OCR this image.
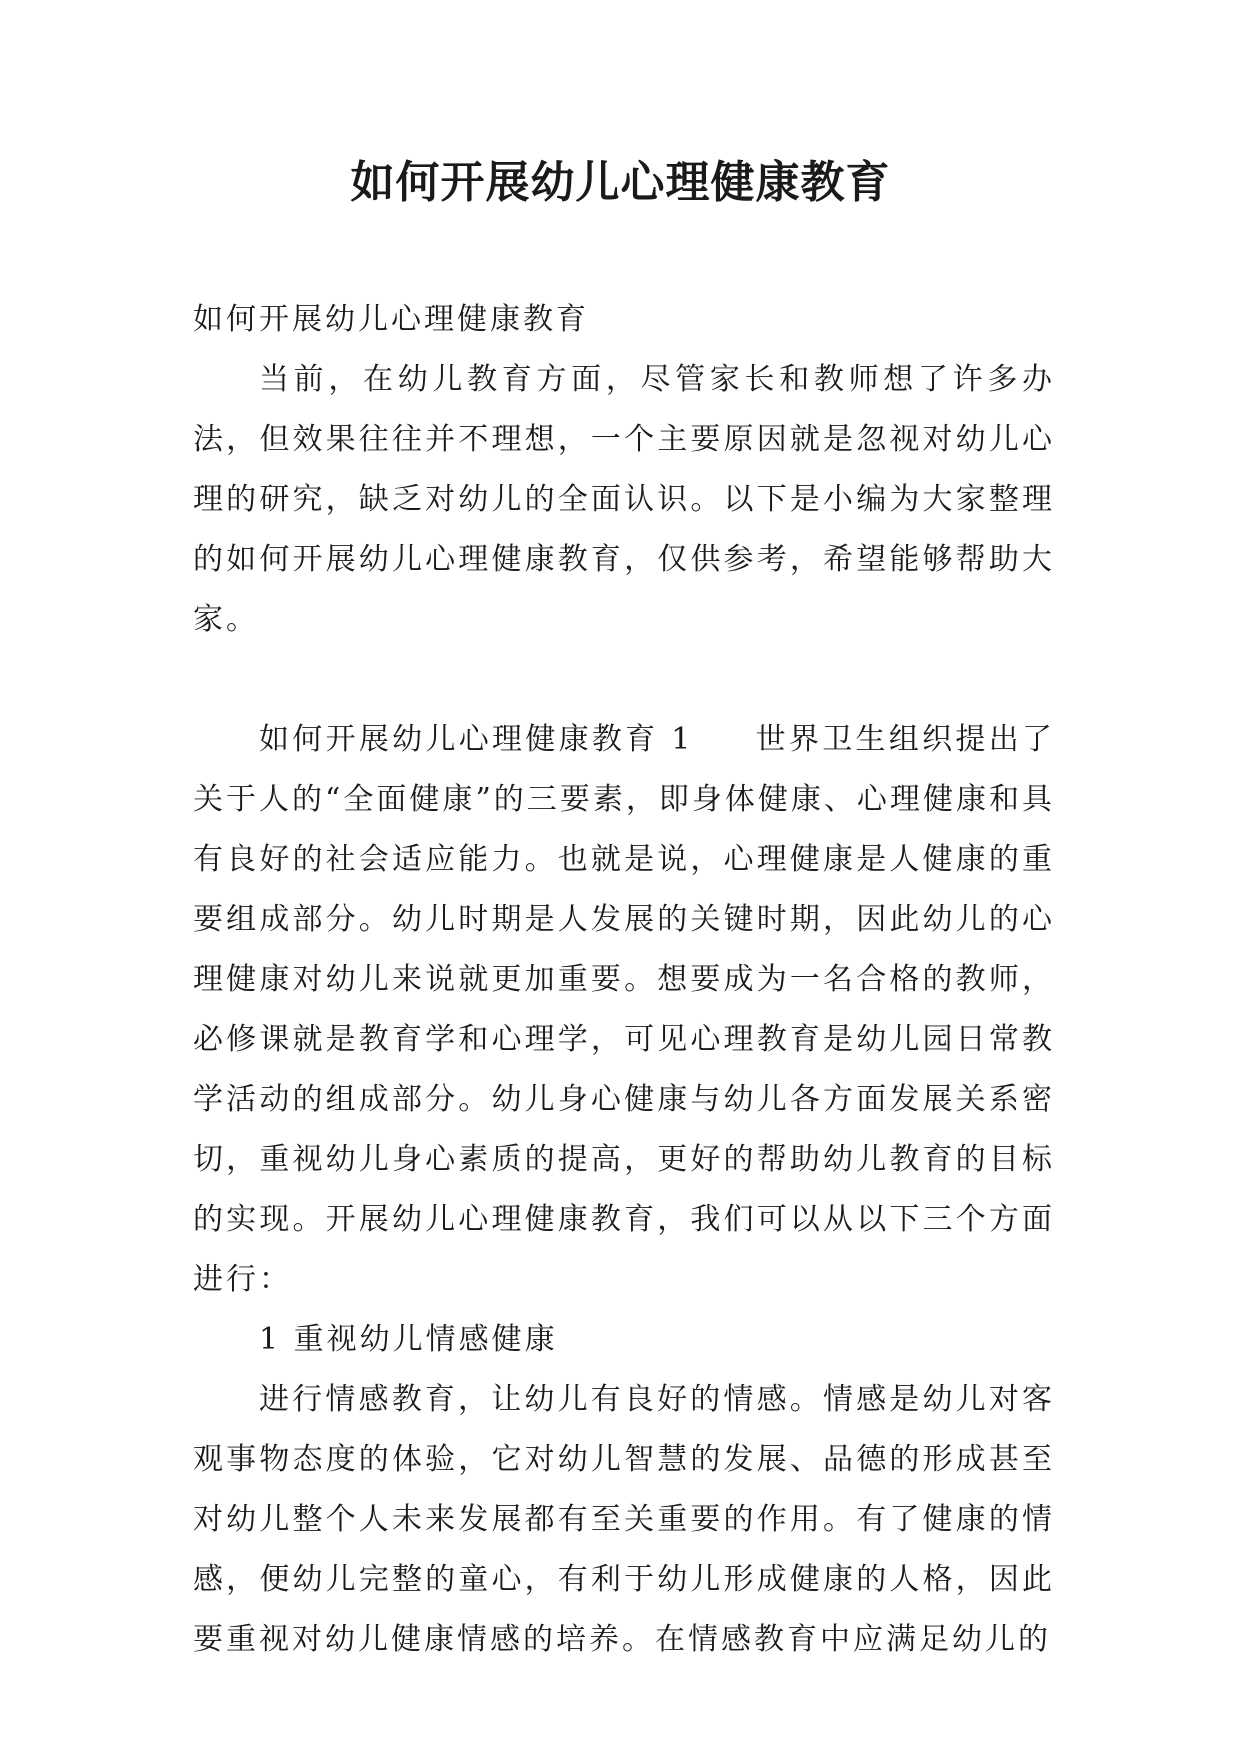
如何开展幼儿心理健康教育

如何开展幼儿心理健康教育

当前，在幼儿教育方面，尽管家长和教师想了许多办法，但效果往往并不理想，一个主要原因就是忽视对幼儿心理的研究，缺乏对幼儿的全面认识。以下是小编为大家整理的如何开展幼儿心理健康教育，仅供参考，希望能够帮助大家。

如何开展幼儿心理健康教育 1 世界卫生组织提出了关于人的“全面健康”的三要素，即身体健康、心理健康和具有良好的社会适应能力。也就是说，心理健康是人健康的重要组成部分。幼儿时期是人发展的关键时期，因此幼儿的心理健康对幼儿来说就更加重要。想要成为一名合格的教师，必修课就是教育学和心理学，可见心理教育是幼儿园日常教学活动的组成部分。幼儿身心健康与幼儿各方面发展关系密切，重视幼儿身心素质的提高，更好的帮助幼儿教育的目标的实现。开展幼儿心理健康教育，我们可以从以下三个方面进行：

1 重视幼儿情感健康

进行情感教育，让幼儿有良好的情感。情感是幼儿对客观事物态度的体验，它对幼儿智慧的发展、品德的形成甚至对幼儿整个人未来发展都有至关重要的作用。有了健康的情感，便幼儿完整的童心，有利于幼儿形成健康的人格，因此要重视对幼儿健康情感的培养。在情感教育中应满足幼儿的
